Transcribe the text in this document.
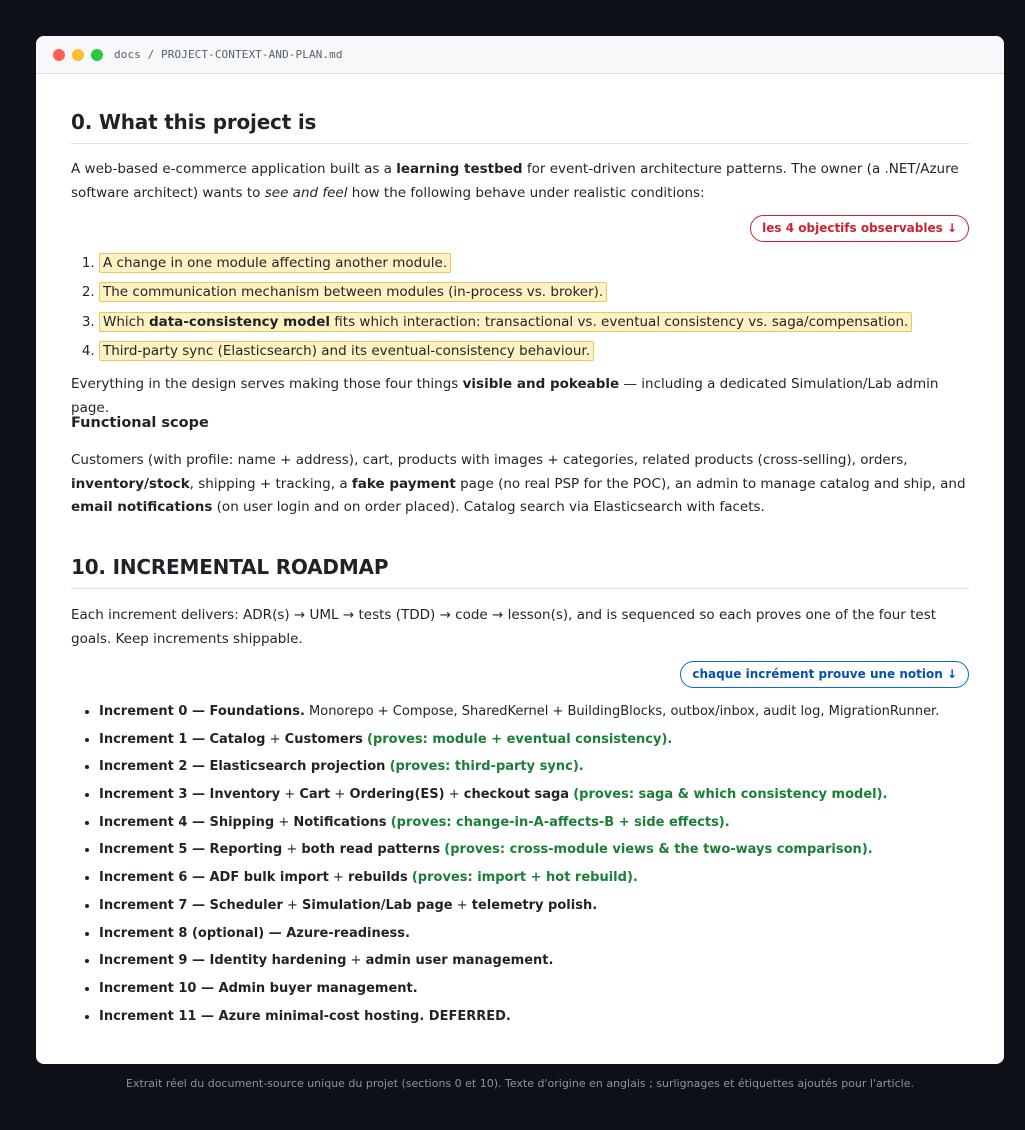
docs / PROJECT-CONTEXT-AND-PLAN.md
0. What this project is

A web-based e-commerce application built as a learning testbed for event-driven architecture patterns. The owner (a .NET/Azure software architect) wants to see and feel how the following behave under realistic conditions:

les 4 objectifs observables ↓
1. A change in one module affecting another module.
2. The communication mechanism between modules (in-process vs. broker).
3. Which data-consistency model fits which interaction: transactional vs. eventual consistency vs. saga/compensation.
4. Third-party sync (Elasticsearch) and its eventual-consistency behaviour.

Everything in the design serves making those four things visible and pokeable — including a dedicated Simulation/Lab admin page.

Functional scope

Customers (with profile: name + address), cart, products with images + categories, related products (cross-selling), orders, inventory/stock, shipping + tracking, a fake payment page (no real PSP for the POC), an admin to manage catalog and ship, and email notifications (on user login and on order placed). Catalog search via Elasticsearch with facets.

10. INCREMENTAL ROADMAP

Each increment delivers: ADR(s) → UML → tests (TDD) → code → lesson(s), and is sequenced so each proves one of the four test goals. Keep increments shippable.

chaque incrément prouve une notion ↓
• Increment 0 — Foundations. Monorepo + Compose, SharedKernel + BuildingBlocks, outbox/inbox, audit log, MigrationRunner.
• Increment 1 — Catalog + Customers (proves: module + eventual consistency).
• Increment 2 — Elasticsearch projection (proves: third-party sync).
• Increment 3 — Inventory + Cart + Ordering(ES) + checkout saga (proves: saga & which consistency model).
• Increment 4 — Shipping + Notifications (proves: change-in-A-affects-B + side effects).
• Increment 5 — Reporting + both read patterns (proves: cross-module views & the two-ways comparison).
• Increment 6 — ADF bulk import + rebuilds (proves: import + hot rebuild).
• Increment 7 — Scheduler + Simulation/Lab page + telemetry polish.
• Increment 8 (optional) — Azure-readiness.
• Increment 9 — Identity hardening + admin user management.
• Increment 10 — Admin buyer management.
• Increment 11 — Azure minimal-cost hosting. DEFERRED.
Extrait réel du document-source unique du projet (sections 0 et 10). Texte d'origine en anglais ; surlignages et étiquettes ajoutés pour l'article.
